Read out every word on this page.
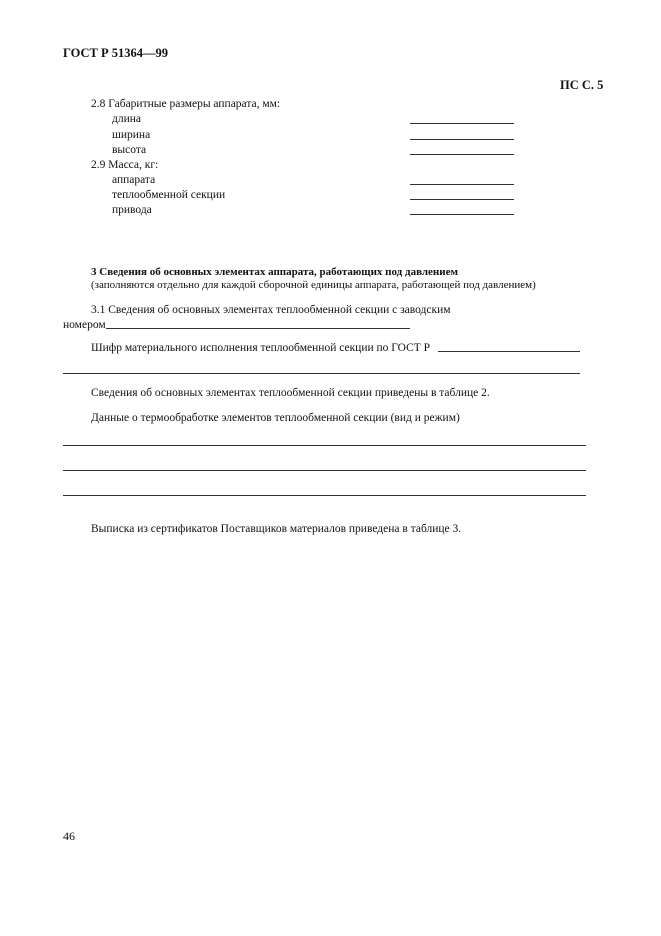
ГОСТ Р 51364—99
ПС С. 5
2.8 Габаритные размеры аппарата, мм:
длина
ширина
высота
2.9 Масса, кг:
аппарата
теплообменной секции
привода
3 Сведения об основных элементах аппарата, работающих под давлением
(заполняются отдельно для каждой сборочной единицы аппарата, работающей под давлением)
3.1 Сведения об основных элементах теплообменной секции с заводским
номером
Шифр материального исполнения теплообменной секции по ГОСТ Р
Сведения об основных элементах теплообменной секции приведены в таблице 2.
Данные о термообработке элементов теплообменной секции (вид и режим)
Выписка из сертификатов Поставщиков материалов приведена в таблице 3.
46
